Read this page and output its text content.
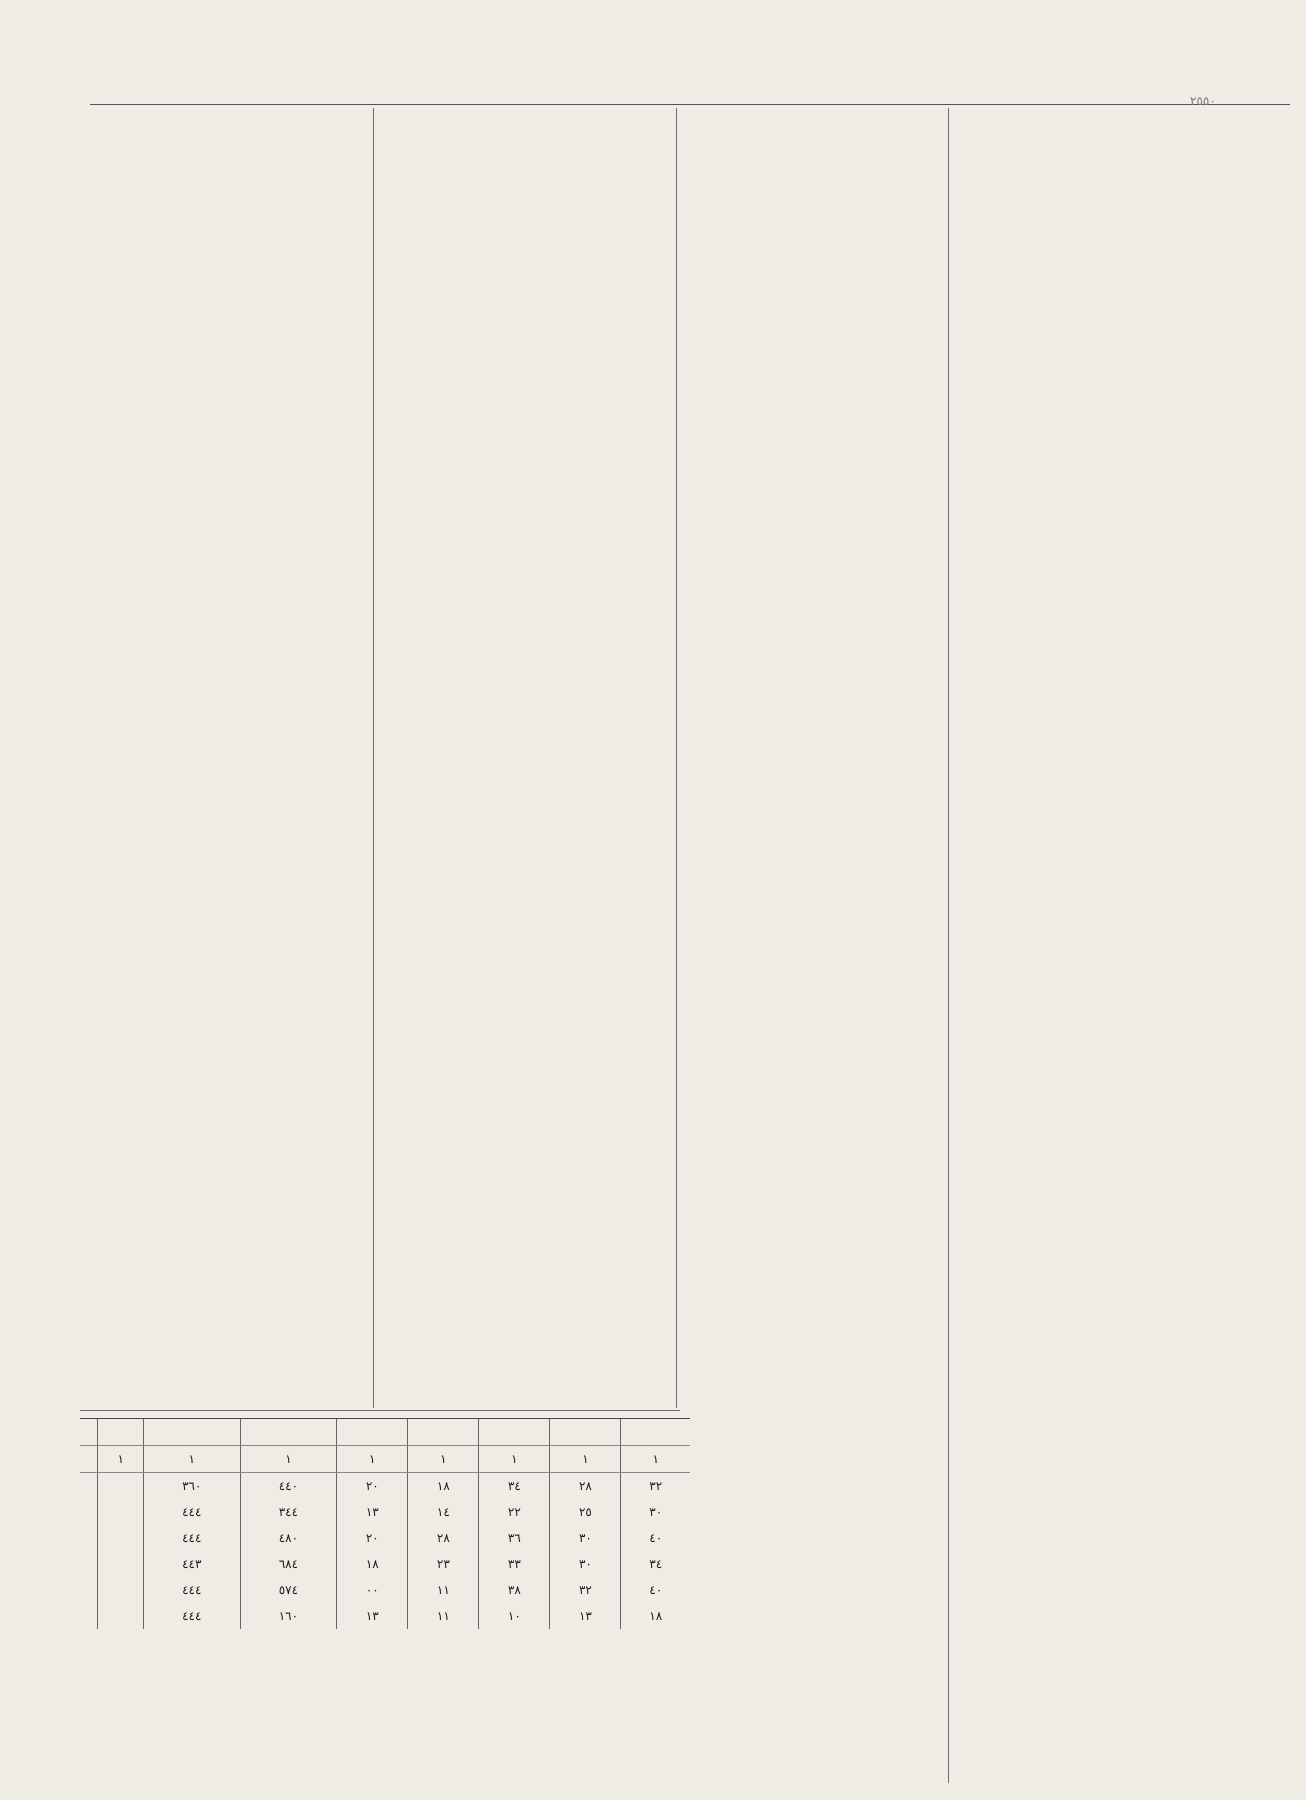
٢٥٥٠

١	١	١	١	١	١	١	١	
٣٢	٢٨	٣٤	١٨	٢٠	٤٤٠	٣٦٠		
٣٠	٢٥	٢٢	١٤	١٣	٣٤٤	٤٤٤		
٤٠	٣٠	٣٦	٢٨	٢٠	٤٨٠	٤٤٤		
٣٤	٣٠	٣٣	٢٣	١٨	٦٨٤	٤٤٣		
٤٠	٣٢	٣٨	١١	٠٠	٥٧٤	٤٤٤		
١٨	١٣	١٠	١١	١٣	١٦٠	٤٤٤		
